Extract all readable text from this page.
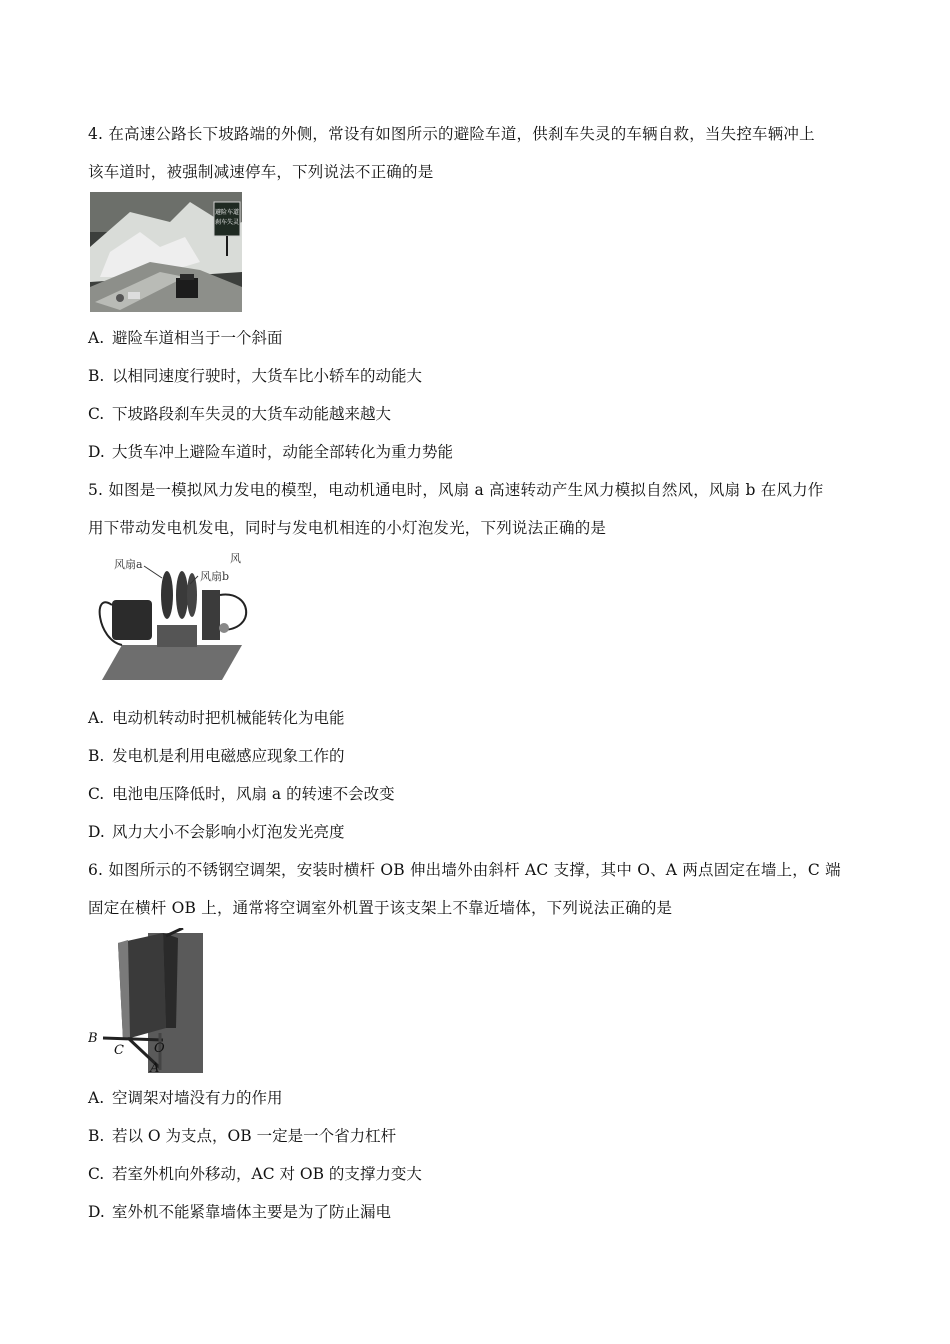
4. 在高速公路长下坡路端的外侧，常设有如图所示的避险车道，供刹车失灵的车辆自救，当失控车辆冲上
该车道时，被强制减速停车，下列说法不正确的是
避险车道
刹车失灵
A. 避险车道相当于一个斜面
B. 以相同速度行驶时，大货车比小轿车的动能大
C. 下坡路段刹车失灵的大货车动能越来越大
D. 大货车冲上避险车道时，动能全部转化为重力势能
5. 如图是一模拟风力发电的模型，电动机通电时，风扇 a 高速转动产生风力模拟自然风，风扇 b 在风力作
用下带动发电机发电，同时与发电机相连的小灯泡发光，下列说法正确的是
风扇a
风扇b
风
A. 电动机转动时把机械能转化为电能
B. 发电机是利用电磁感应现象工作的
C. 电池电压降低时，风扇 a 的转速不会改变
D. 风力大小不会影响小灯泡发光亮度
6. 如图所示的不锈钢空调架，安装时横杆 OB 伸出墙外由斜杆 AC 支撑，其中 O、A 两点固定在墙上，C 端
固定在横杆 OB 上，通常将空调室外机置于该支架上不靠近墙体，下列说法正确的是
B
C O
A
A. 空调架对墙没有力的作用
B. 若以 O 为支点，OB 一定是一个省力杠杆
C. 若室外机向外移动，AC 对 OB 的支撑力变大
D. 室外机不能紧靠墙体主要是为了防止漏电
